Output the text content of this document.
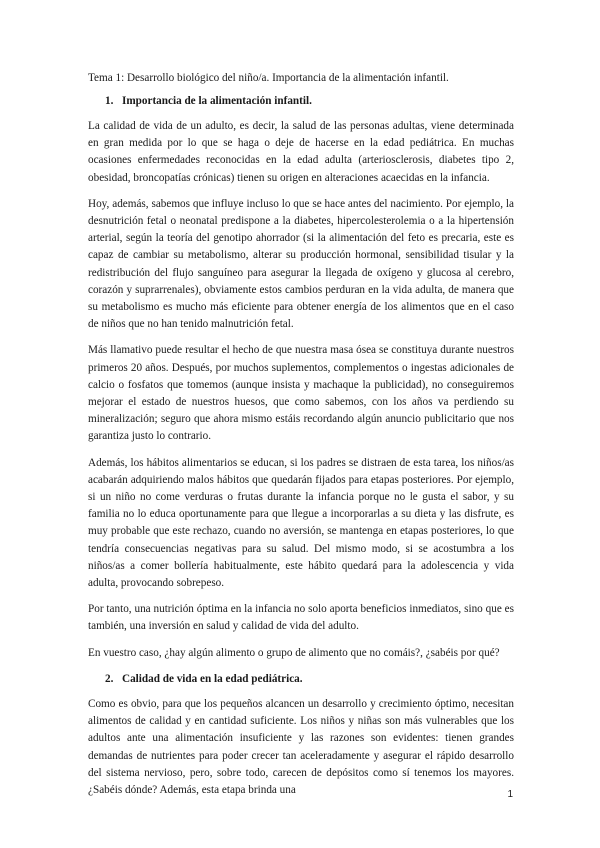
Tema 1: Desarrollo biológico del niño/a. Importancia de la alimentación infantil.
1. Importancia de la alimentación infantil.

La calidad de vida de un adulto, es decir, la salud de las personas adultas, viene determinada en gran medida por lo que se haga o deje de hacerse en la edad pediátrica. En muchas ocasiones enfermedades reconocidas en la edad adulta (arteriosclerosis, diabetes tipo 2, obesidad, broncopatías crónicas) tienen su origen en alteraciones acaecidas en la infancia.

Hoy, además, sabemos que influye incluso lo que se hace antes del nacimiento. Por ejemplo, la desnutrición fetal o neonatal predispone a la diabetes, hipercolesterolemia o a la hipertensión arterial, según la teoría del genotipo ahorrador (si la alimentación del feto es precaria, este es capaz de cambiar su metabolismo, alterar su producción hormonal, sensibilidad tisular y la redistribución del flujo sanguíneo para asegurar la llegada de oxígeno y glucosa al cerebro, corazón y suprarrenales), obviamente estos cambios perduran en la vida adulta, de manera que su metabolismo es mucho más eficiente para obtener energía de los alimentos que en el caso de niños que no han tenido malnutrición fetal.

Más llamativo puede resultar el hecho de que nuestra masa ósea se constituya durante nuestros primeros 20 años. Después, por muchos suplementos, complementos o ingestas adicionales de calcio o fosfatos que tomemos (aunque insista y machaque la publicidad), no conseguiremos mejorar el estado de nuestros huesos, que como sabemos, con los años va perdiendo su mineralización; seguro que ahora mismo estáis recordando algún anuncio publicitario que nos garantiza justo lo contrario.

Además, los hábitos alimentarios se educan, si los padres se distraen de esta tarea, los niños/as acabarán adquiriendo malos hábitos que quedarán fijados para etapas posteriores. Por ejemplo, si un niño no come verduras o frutas durante la infancia porque no le gusta el sabor, y su familia no lo educa oportunamente para que llegue a incorporarlas a su dieta y las disfrute, es muy probable que este rechazo, cuando no aversión, se mantenga en etapas posteriores, lo que tendría consecuencias negativas para su salud. Del mismo modo, si se acostumbra a los niños/as a comer bollería habitualmente, este hábito quedará para la adolescencia y vida adulta, provocando sobrepeso.

Por tanto, una nutrición óptima en la infancia no solo aporta beneficios inmediatos, sino que es también, una inversión en salud y calidad de vida del adulto.

En vuestro caso, ¿hay algún alimento o grupo de alimento que no comáis?, ¿sabéis por qué?

2. Calidad de vida en la edad pediátrica.

Como es obvio, para que los pequeños alcancen un desarrollo y crecimiento óptimo, necesitan alimentos de calidad y en cantidad suficiente. Los niños y niñas son más vulnerables que los adultos ante una alimentación insuficiente y las razones son evidentes: tienen grandes demandas de nutrientes para poder crecer tan aceleradamente y asegurar el rápido desarrollo del sistema nervioso, pero, sobre todo, carecen de depósitos como sí tenemos los mayores. ¿Sabéis dónde? Además, esta etapa brinda una	1
